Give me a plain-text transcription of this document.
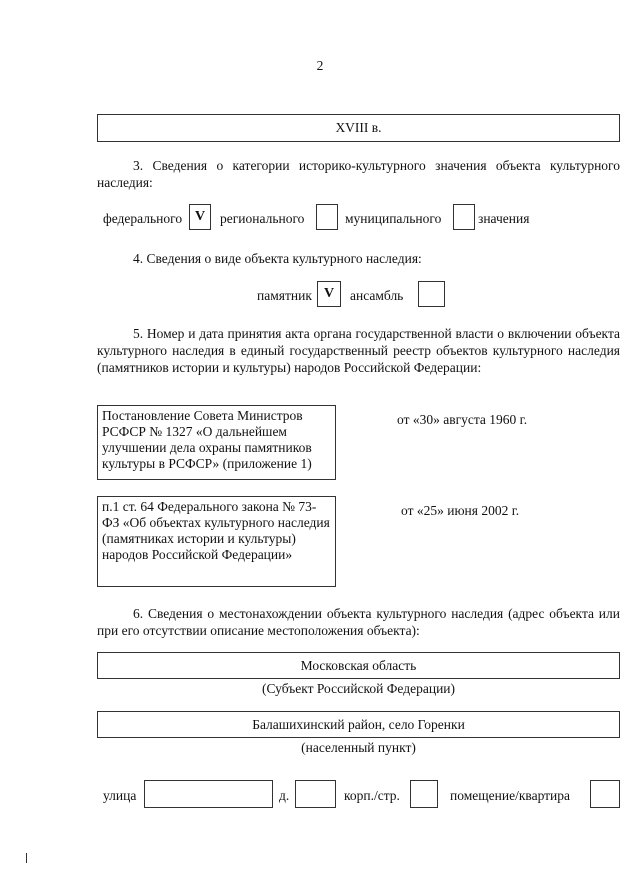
2
XVIII в.
3. Сведения о категории историко-культурного значения объекта культурного наследия:
федерального V	регионального	муниципального	значения
4. Сведения о виде объекта культурного наследия:
памятник V	ансамбль
5. Номер и дата принятия акта органа государственной власти о включении объекта культурного наследия в единый государственный реестр объектов культурного наследия (памятников истории и культуры) народов Российской Федерации:
Постановление Совета Министров РСФСР № 1327 «О дальнейшем улучшении дела охраны памятников культуры в РСФСР» (приложение 1)
от «30» августа 1960 г.
п.1 ст. 64 Федерального закона № 73-ФЗ «Об объектах культурного наследия (памятниках истории и культуры) народов Российской Федерации»
от «25» июня 2002 г.
6. Сведения о местонахождении объекта культурного наследия (адрес объекта или при его отсутствии описание местоположения объекта):
Московская область
(Субъект Российской Федерации)
Балашихинский район, село Горенки
(населенный пункт)
улица	д.	корп./стр.	помещение/квартира
